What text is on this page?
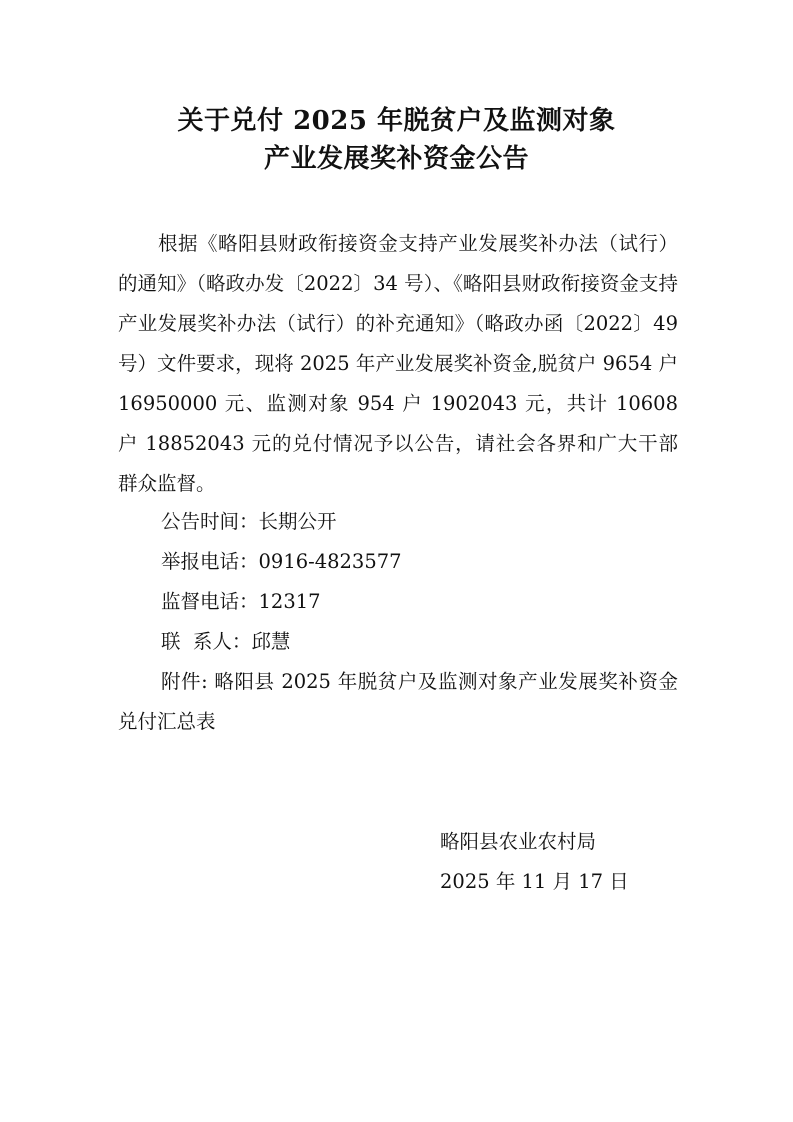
关于兑付 2025 年脱贫户及监测对象
产业发展奖补资金公告

根据《略阳县财政衔接资金支持产业发展奖补办法（试行）的通知》（略政办发〔2022〕34 号）、《略阳县财政衔接资金支持产业发展奖补办法（试行）的补充通知》（略政办函〔2022〕49 号）文件要求，现将 2025 年产业发展奖补资金,脱贫户 9654 户 16950000 元、监测对象 954 户 1902043 元，共计 10608 户 18852043 元的兑付情况予以公告，请社会各界和广大干部群众监督。

公告时间：长期公开

举报电话：0916-4823577

监督电话：12317

联  系人：邱慧

附件: 略阳县 2025 年脱贫户及监测对象产业发展奖补资金兑付汇总表

略阳县农业农村局

2025 年 11 月 17 日
